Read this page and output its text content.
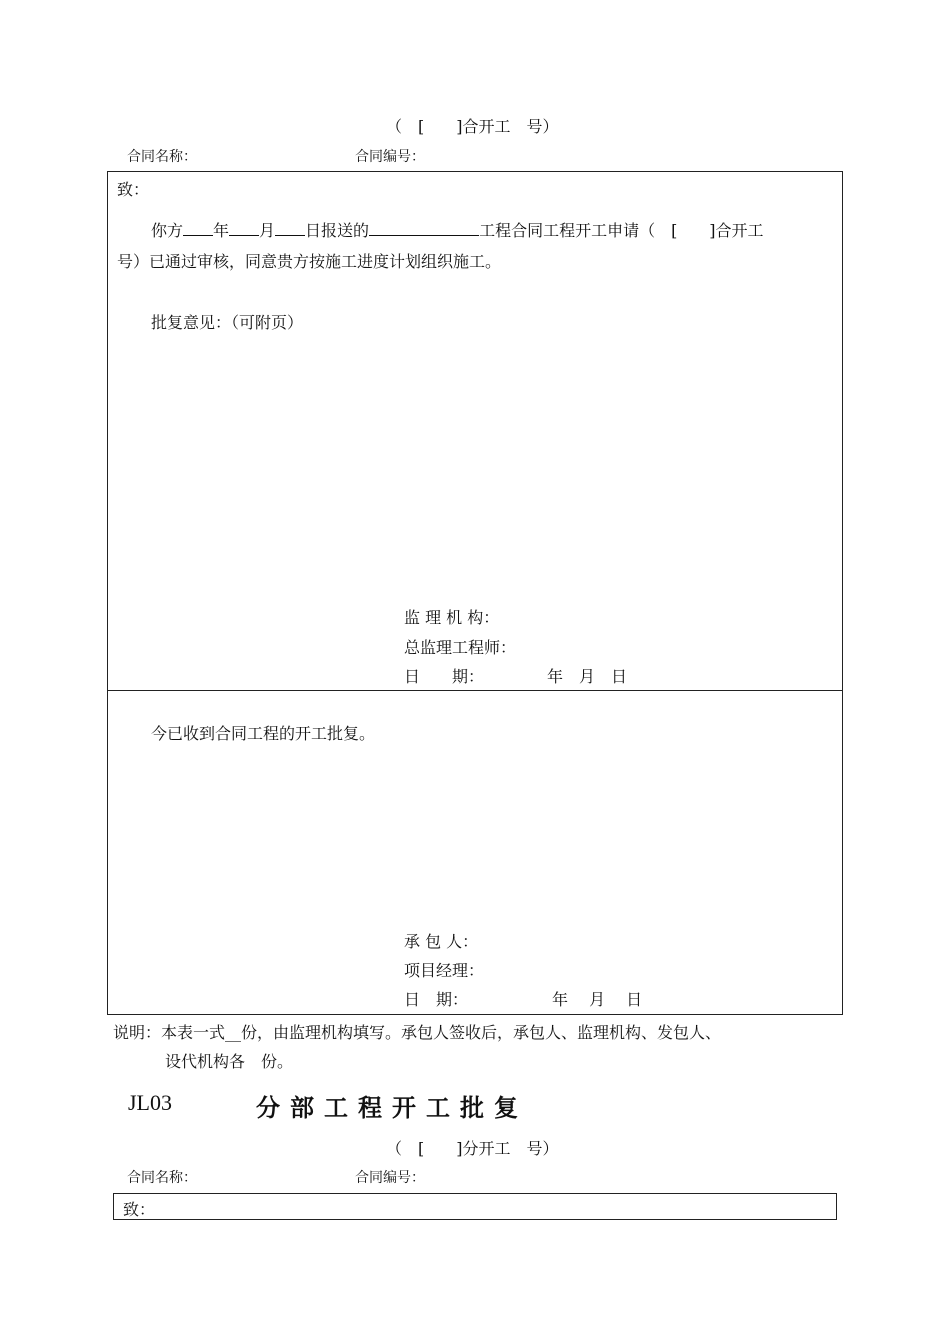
（　[　　]合开工　号）
合同名称：	合同编号：
致：
你方 年 月 日报送的	工程合同工程开工申请（　[　　]合开工
号）已通过审核，同意贵方按施工进度计划组织施工。
批复意见：（可附页）
监 理 机 构：
总监理工程师：
日　　期：	年　月　日
今已收到合同工程的开工批复。
承 包 人：
项目经理：
日　期：	年　 月　 日
说明：本表一式__份，由监理机构填写。承包人签收后，承包人、监理机构、发包人、
设代机构各　份。
JL03	分部工程开工批复
（　[　　]分开工　号）
合同名称：	合同编号：
致：
